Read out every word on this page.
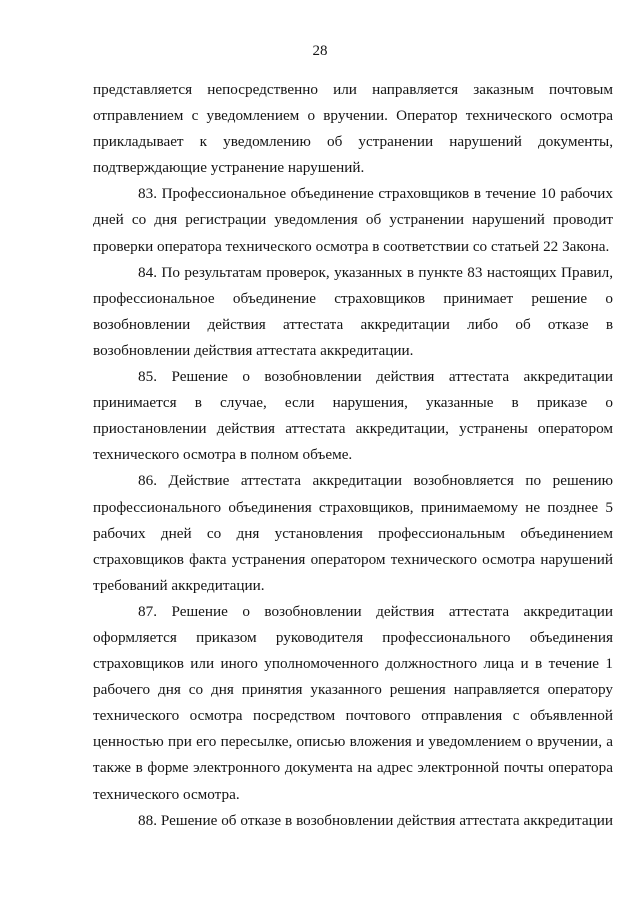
28

представляется непосредственно или направляется заказным почтовым отправлением с уведомлением о вручении. Оператор технического осмотра прикладывает к уведомлению об устранении нарушений документы, подтверждающие устранение нарушений.

83. Профессиональное объединение страховщиков в течение 10 рабочих дней со дня регистрации уведомления об устранении нарушений проводит проверки оператора технического осмотра в соответствии со статьей 22 Закона.

84. По результатам проверок, указанных в пункте 83 настоящих Правил, профессиональное объединение страховщиков принимает решение о возобновлении действия аттестата аккредитации либо об отказе в возобновлении действия аттестата аккредитации.

85. Решение о возобновлении действия аттестата аккредитации принимается в случае, если нарушения, указанные в приказе о приостановлении действия аттестата аккредитации, устранены оператором технического осмотра в полном объеме.

86. Действие аттестата аккредитации возобновляется по решению профессионального объединения страховщиков, принимаемому не позднее 5 рабочих дней со дня установления профессиональным объединением страховщиков факта устранения оператором технического осмотра нарушений требований аккредитации.

87. Решение о возобновлении действия аттестата аккредитации оформляется приказом руководителя профессионального объединения страховщиков или иного уполномоченного должностного лица и в течение 1 рабочего дня со дня принятия указанного решения направляется оператору технического осмотра посредством почтового отправления с объявленной ценностью при его пересылке, описью вложения и уведомлением о вручении, а также в форме электронного документа на адрес электронной почты оператора технического осмотра.

88. Решение об отказе в возобновлении действия аттестата аккредитации
